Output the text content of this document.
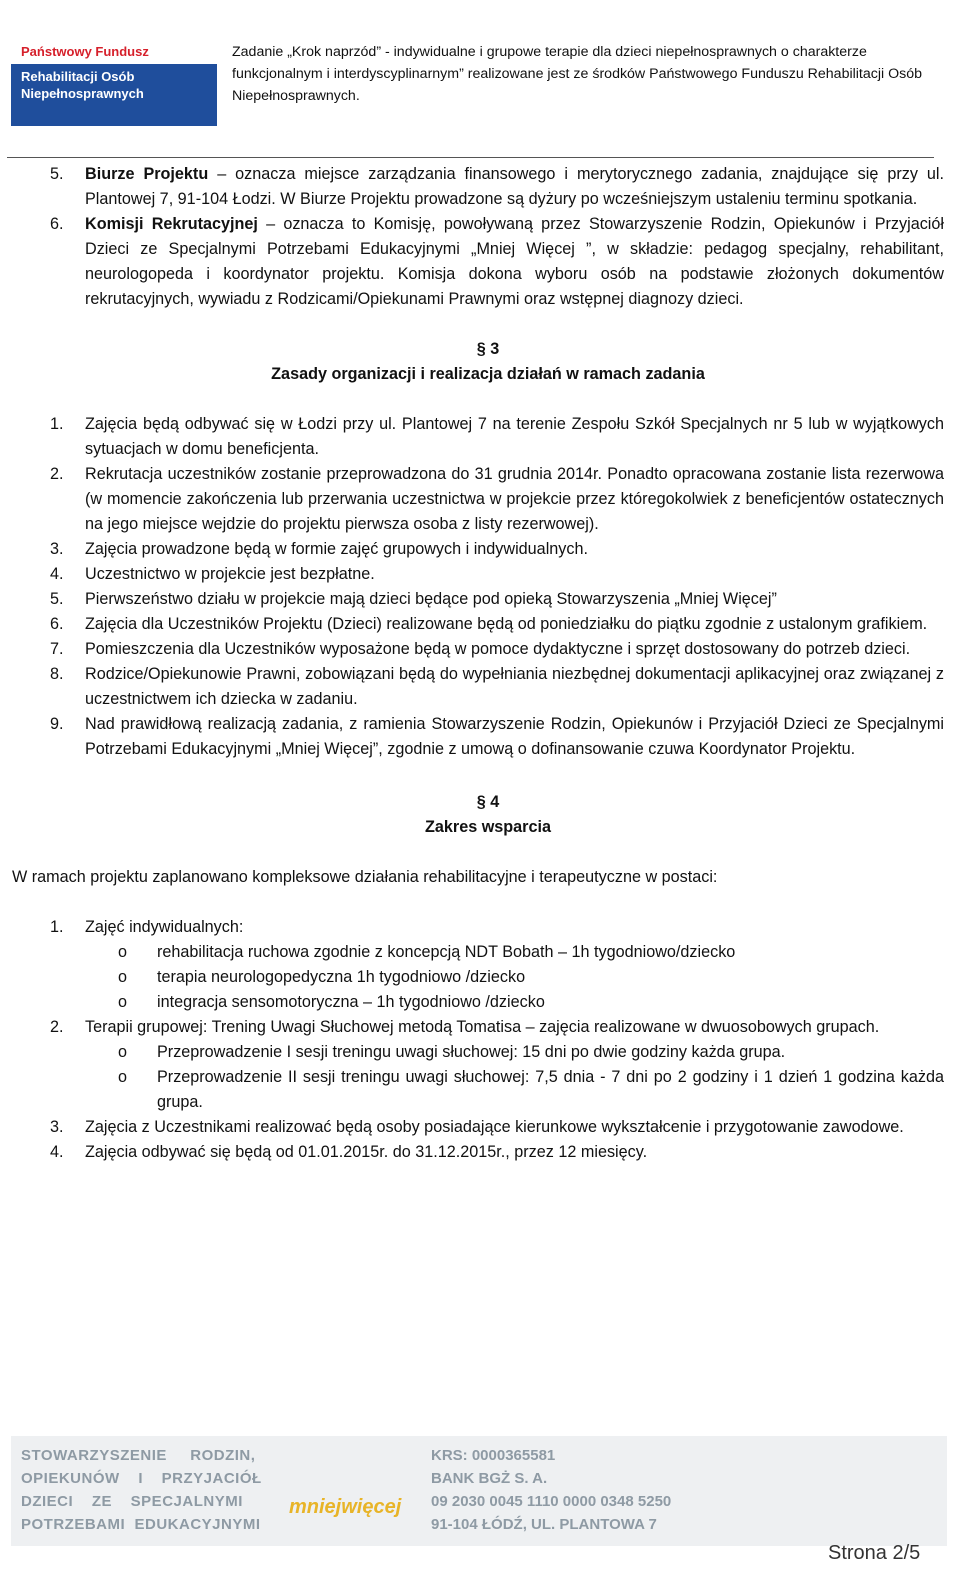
Państwowy Fundusz
Rehabilitacji Osób
Niepełnosprawnych
Zadanie „Krok naprzód” - indywidualne i grupowe terapie dla dzieci niepełnosprawnych o charakterze funkcjonalnym i interdyscyplinarnym” realizowane jest ze środków Państwowego Funduszu Rehabilitacji Osób Niepełnosprawnych.
5. Biurze Projektu – oznacza miejsce zarządzania finansowego i merytorycznego zadania, znajdujące się przy ul. Plantowej 7, 91-104 Łodzi. W Biurze Projektu prowadzone są dyżury po wcześniejszym ustaleniu terminu spotkania.
6. Komisji Rekrutacyjnej – oznacza to Komisję, powoływaną przez Stowarzyszenie Rodzin, Opiekunów i Przyjaciół Dzieci ze Specjalnymi Potrzebami Edukacyjnymi „Mniej Więcej ”, w składzie: pedagog specjalny, rehabilitant, neurologopeda i koordynator projektu. Komisja dokona wyboru osób na podstawie złożonych dokumentów rekrutacyjnych, wywiadu z Rodzicami/Opiekunami Prawnymi oraz wstępnej diagnozy dzieci.

§ 3

Zasady organizacji i realizacja działań w ramach zadania

1. Zajęcia będą odbywać się w Łodzi przy ul. Plantowej 7 na terenie Zespołu Szkół Specjalnych nr 5 lub w wyjątkowych sytuacjach w domu beneficjenta.
2. Rekrutacja uczestników zostanie przeprowadzona do 31 grudnia 2014r. Ponadto opracowana zostanie lista rezerwowa (w momencie zakończenia lub przerwania uczestnictwa w projekcie przez któregokolwiek z beneficjentów ostatecznych na jego miejsce wejdzie do projektu pierwsza osoba z listy rezerwowej).
3. Zajęcia prowadzone będą w formie zajęć grupowych i indywidualnych.
4. Uczestnictwo w projekcie jest bezpłatne.
5. Pierwszeństwo działu w projekcie mają dzieci będące pod opieką Stowarzyszenia „Mniej Więcej”
6. Zajęcia dla Uczestników Projektu (Dzieci) realizowane będą od poniedziałku do piątku zgodnie z ustalonym grafikiem.
7. Pomieszczenia dla Uczestników wyposażone będą w pomoce dydaktyczne i sprzęt dostosowany do potrzeb dzieci.
8. Rodzice/Opiekunowie Prawni, zobowiązani będą do wypełniania niezbędnej dokumentacji aplikacyjnej oraz związanej z uczestnictwem ich dziecka w zadaniu.
9. Nad prawidłową realizacją zadania, z ramienia Stowarzyszenie Rodzin, Opiekunów i Przyjaciół Dzieci ze Specjalnymi Potrzebami Edukacyjnymi „Mniej Więcej”, zgodnie z umową o dofinansowanie czuwa Koordynator Projektu.

§ 4

Zakres wsparcia

W ramach projektu zaplanowano kompleksowe działania rehabilitacyjne i terapeutyczne w postaci:
1. Zajęć indywidualnych:
o rehabilitacja ruchowa zgodnie z koncepcją NDT Bobath – 1h tygodniowo/dziecko
o terapia neurologopedyczna 1h tygodniowo /dziecko
o integracja sensomotoryczna – 1h tygodniowo /dziecko
2. Terapii grupowej: Trening Uwagi Słuchowej metodą Tomatisa – zajęcia realizowane w dwuosobowych grupach.
o Przeprowadzenie I sesji treningu uwagi słuchowej: 15 dni po dwie godziny każda grupa.
o Przeprowadzenie II sesji treningu uwagi słuchowej: 7,5 dnia - 7 dni po 2 godziny i 1 dzień 1 godzina każda grupa.
3. Zajęcia z Uczestnikami realizować będą osoby posiadające kierunkowe wykształcenie i przygotowanie zawodowe.
4. Zajęcia odbywać się będą od 01.01.2015r. do 31.12.2015r., przez 12 miesięcy.
STOWARZYSZENIE     RODZIN,
OPIEKUNÓW    I    PRZYJACIÓŁ
DZIECI    ZE    SPECJALNYMI
POTRZEBAMI  EDUKACYJNYMI
mniejwięcej
KRS: 0000365581
BANK BGŻ S. A.
09 2030 0045 1110 0000 0348 5250
91-104 ŁÓDŹ, UL. PLANTOWA 7
Strona 2/5
